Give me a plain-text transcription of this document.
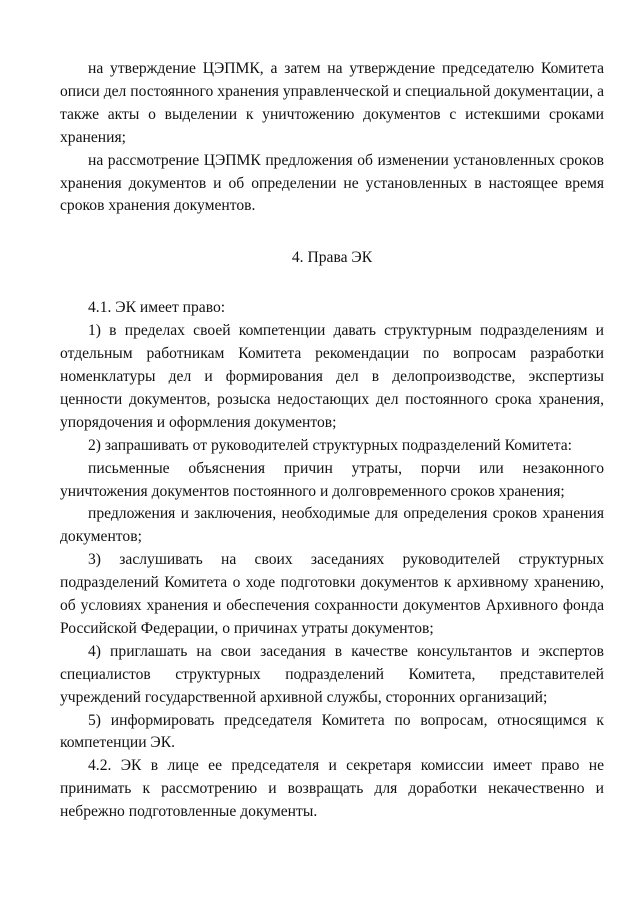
на утверждение ЦЭПМК, а затем на утверждение председателю Комитета описи дел постоянного хранения управленческой и специальной документации, а также акты о выделении к уничтожению документов с истекшими сроками хранения;

на рассмотрение ЦЭПМК предложения об изменении установленных сроков хранения документов и об определении не установленных в настоящее время сроков хранения документов.

4. Права ЭК

4.1. ЭК имеет право:

1) в пределах своей компетенции давать структурным подразделениям и отдельным работникам Комитета рекомендации по вопросам разработки номенклатуры дел и формирования дел в делопроизводстве, экспертизы ценности документов, розыска недостающих дел постоянного срока хранения, упорядочения и оформления документов;

2) запрашивать от руководителей структурных подразделений Комитета:

письменные объяснения причин утраты, порчи или незаконного уничтожения документов постоянного и долговременного сроков хранения;

предложения и заключения, необходимые для определения сроков хранения документов;

3) заслушивать на своих заседаниях руководителей структурных подразделений Комитета о ходе подготовки документов к архивному хранению, об условиях хранения и обеспечения сохранности документов Архивного фонда Российской Федерации, о причинах утраты документов;

4) приглашать на свои заседания в качестве консультантов и экспертов специалистов структурных подразделений Комитета, представителей учреждений государственной архивной службы, сторонних организаций;

5) информировать председателя Комитета по вопросам, относящимся к компетенции ЭК.

4.2. ЭК в лице ее председателя и секретаря комиссии имеет право не принимать к рассмотрению и возвращать для доработки некачественно и небрежно подготовленные документы.
